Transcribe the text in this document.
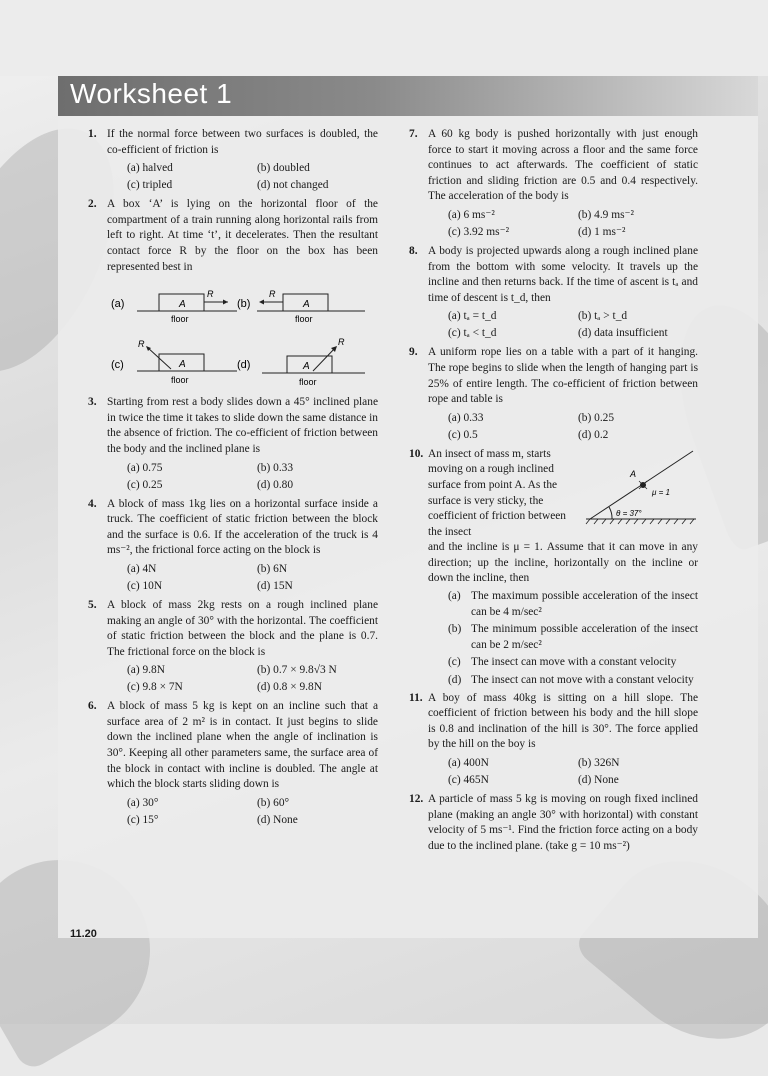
Worksheet 1
1. If the normal force between two surfaces is doubled, the co-efficient of friction is
(a) halved	(b) doubled
(c) tripled	(d) not changed
2. A box ‘A’ is lying on the horizontal floor of the compartment of a train running along horizontal rails from left to right. At time ‘t’, it decelerates. Then the resultant contact force R by the floor on the box has been represented best in
(a)	A
R
floor
(b)	A
R
floor
(c)	A
R
floor
(d)	A
R
floor
3. Starting from rest a body slides down a 45° inclined plane in twice the time it takes to slide down the same distance in the absence of friction. The co-efficient of friction between the body and the inclined plane is
(a) 0.75	(b) 0.33
(c) 0.25	(d) 0.80
4. A block of mass 1kg lies on a horizontal surface inside a truck. The coefficient of static friction between the block and the surface is 0.6. If the acceleration of the truck is 4 ms⁻², the frictional force acting on the block is
(a) 4N	(b) 6N
(c) 10N	(d) 15N
5. A block of mass 2kg rests on a rough inclined plane making an angle of 30° with the horizontal. The coefficient of static friction between the block and the plane is 0.7. The frictional force on the block is
(a) 9.8N	(b) 0.7 × 9.8√3 N
(c) 9.8 × 7N	(d) 0.8 × 9.8N
6. A block of mass 5 kg is kept on an incline such that a surface area of 2 m² is in contact. It just begins to slide down the inclined plane when the angle of inclination is 30°. Keeping all other parameters same, the surface area of the block in contact with incline is doubled. The angle at which the block starts sliding down is
(a) 30°	(b) 60°
(c) 15°	(d) None
7. A 60 kg body is pushed horizontally with just enough force to start it moving across a floor and the same force continues to act afterwards. The coefficient of static friction and sliding friction are 0.5 and 0.4 respectively. The acceleration of the body is
(a) 6 ms⁻²	(b) 4.9 ms⁻²
(c) 3.92 ms⁻²	(d) 1 ms⁻²
8. A body is projected upwards along a rough inclined plane from the bottom with some velocity. It travels up the incline and then returns back. If the time of ascent is tₐ and time of descent is t_d, then
(a) tₐ = t_d	(b) tₐ > t_d
(c) tₐ < t_d	(d) data insufficient
9. A uniform rope lies on a table with a part of it hanging. The rope begins to slide when the length of hanging part is 25% of entire length. The co-efficient of friction between rope and table is
(a) 0.33	(b) 0.25
(c) 0.5	(d) 0.2
10. An insect of mass m, starts moving on a rough inclined surface from point A. As the surface is very sticky, the coefficient of friction between the insect
θ = 37°
A
μ = 1
and the incline is μ = 1. Assume that it can move in any direction; up the incline, horizontally on the incline or down the incline, then
(a) The maximum possible acceleration of the insect can be 4 m/sec²
(b) The minimum possible acceleration of the insect can be 2 m/sec²
(c) The insect can move with a constant velocity
(d) The insect can not move with a constant velocity
11. A boy of mass 40kg is sitting on a hill slope. The coefficient of friction between his body and the hill slope is 0.8 and inclination of the hill is 30°. The force applied by the hill on the boy is
(a) 400N	(b) 326N
(c) 465N	(d) None
12. A particle of mass 5 kg is moving on rough fixed inclined plane (making an angle 30° with horizontal) with constant velocity of 5 ms⁻¹. Find the friction force acting on a body due to the inclined plane. (take g = 10 ms⁻²)
11.20
